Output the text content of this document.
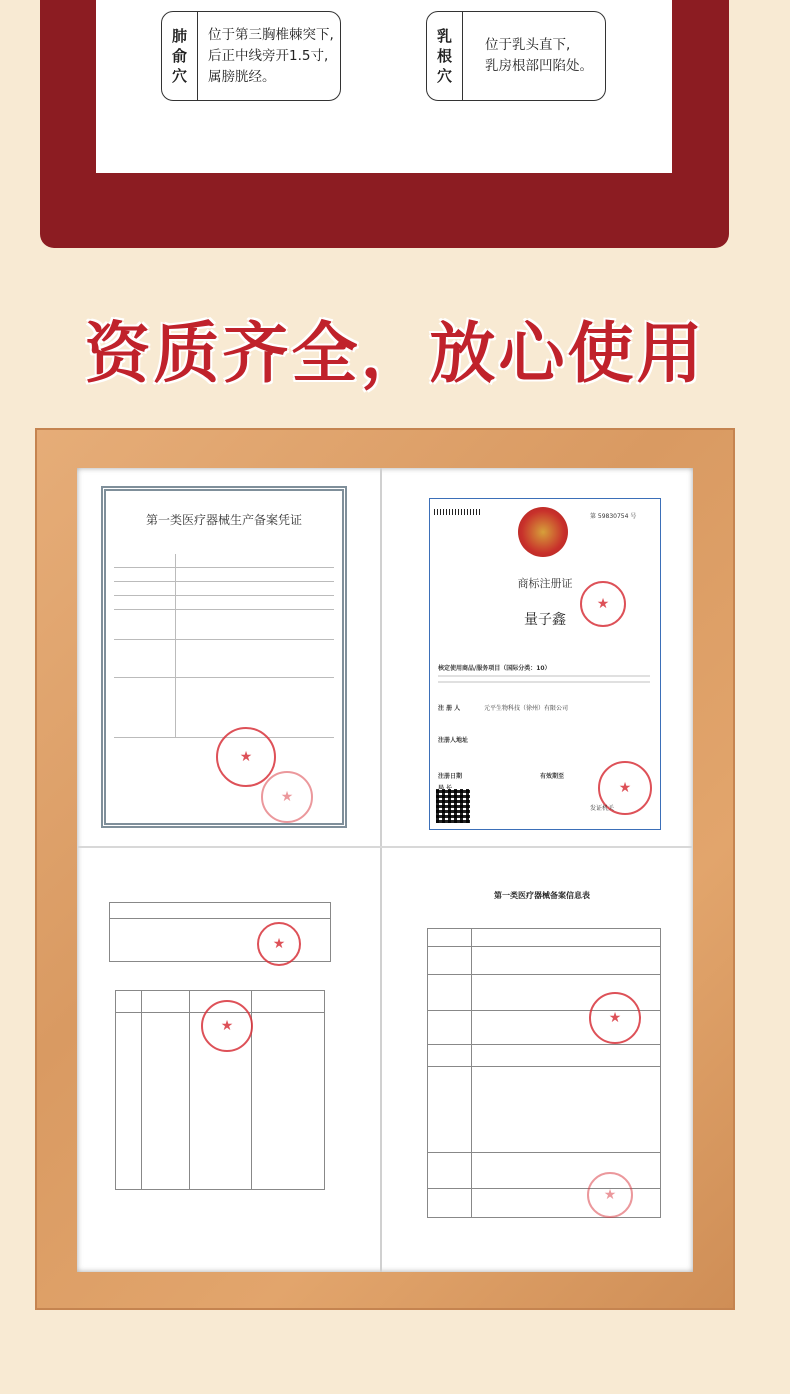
肺
俞
穴
位于第三胸椎棘突下,
后正中线旁开1.5寸,
属膀胱经。
乳
根
穴
位于乳头直下,
乳房根部凹陷处。
资质齐全，放心使用
第一类医疗器械生产备案凭证
★
★
第 59830754 号
商标注册证
量子鑫
★
核定使用商品/服务项目（国际分类：10）
注 册 人	元平生物科技（徐州）有限公司
注册人地址
注册日期	有效期至
★
发证机关
★
★
第一类医疗器械备案信息表
★
★
